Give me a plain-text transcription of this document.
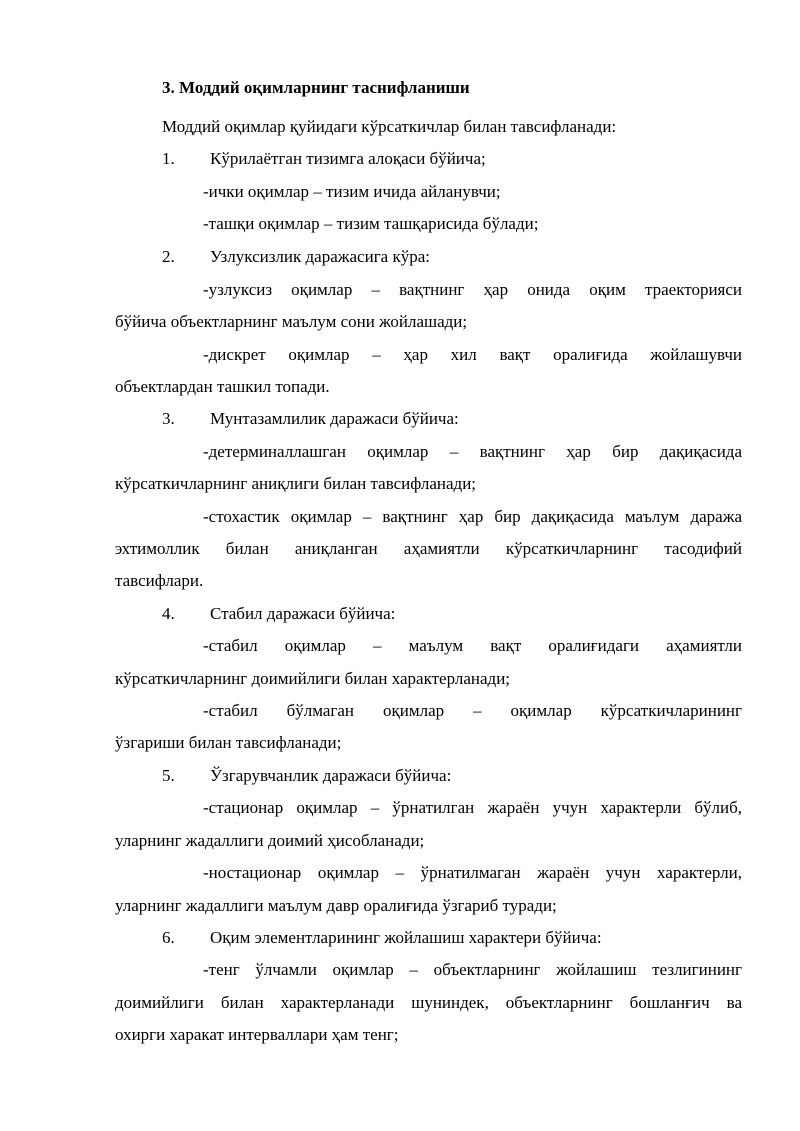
3. Моддий оқимларнинг таснифланиши
Моддий оқимлар қуйидаги кўрсаткичлар билан тавсифланади:
1. Кўрилаётган тизимга алоқаси бўйича;
-ички оқимлар – тизим ичида айланувчи;
-ташқи оқимлар – тизим ташқарисида бўлади;
2. Узлуксизлик даражасига кўра:
-узлуксиз оқимлар – вақтнинг ҳар онида оқим траекторияси
бўйича объектларнинг маълум сони жойлашади;
-дискрет оқимлар – ҳар хил вақт оралиғида жойлашувчи
объектлардан ташкил топади.
3. Мунтазамлилик даражаси бўйича:
-детерминаллашган оқимлар – вақтнинг ҳар бир дақиқасида
кўрсаткичларнинг аниқлиги билан тавсифланади;
-стохастик оқимлар – вақтнинг ҳар бир дақиқасида маълум даража
эхтимоллик билан аниқланган аҳамиятли кўрсаткичларнинг тасодифий
тавсифлари.
4. Стабил даражаси бўйича:
-стабил оқимлар – маълум вақт оралиғидаги аҳамиятли
кўрсаткичларнинг доимийлиги билан характерланади;
-стабил бўлмаган оқимлар – оқимлар кўрсаткичларининг
ўзгариши билан тавсифланади;
5. Ўзгарувчанлик даражаси бўйича:
-стационар оқимлар – ўрнатилган жараён учун характерли бўлиб,
уларнинг жадаллиги доимий ҳисобланади;
-ностационар оқимлар – ўрнатилмаган жараён учун характерли,
уларнинг жадаллиги маълум давр оралиғида ўзгариб туради;
6. Оқим элементларининг жойлашиш характери бўйича:
-тенг ўлчамли оқимлар – объектларнинг жойлашиш тезлигининг
доимийлиги билан характерланади шуниндек, объектларнинг бошланғич ва
охирги харакат интерваллари ҳам тенг;
